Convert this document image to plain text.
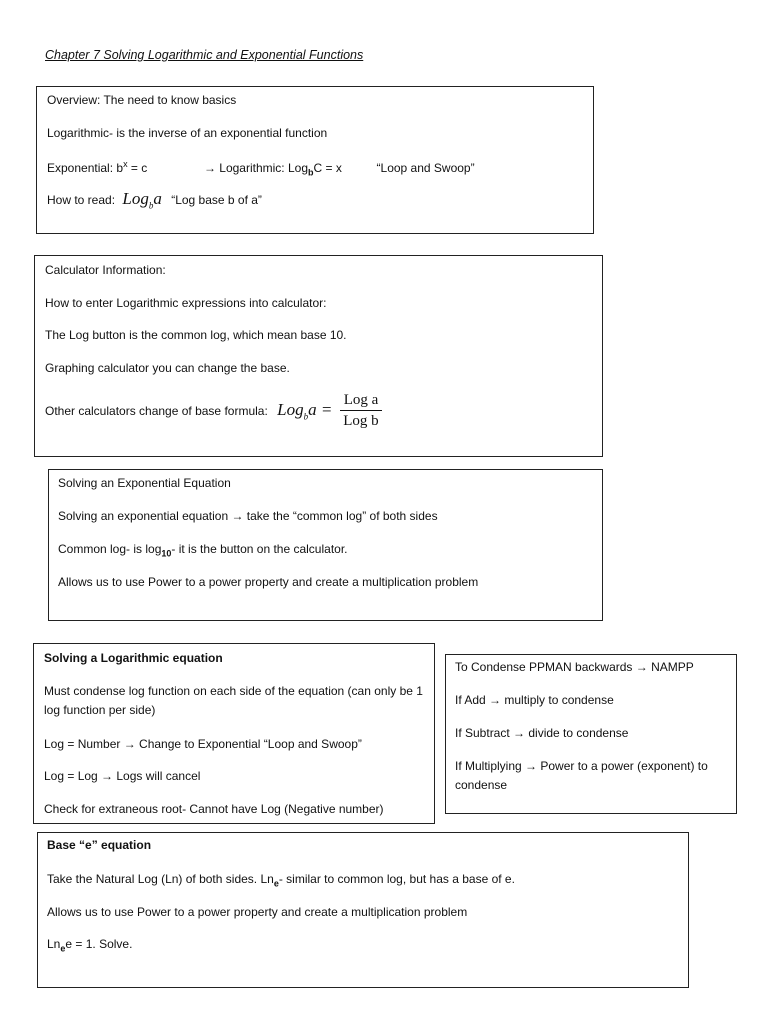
Chapter 7 Solving Logarithmic and Exponential Functions
Overview: The need to know basics
Logarithmic- is the inverse of an exponential function
Exponential: $b^x = c$	→ Logarithmic: Log$_b$C = x	“Loop and Swoop”
How to read: Log$_b$a “Log base b of a”
Calculator Information:
How to enter Logarithmic expressions into calculator:
The Log button is the common log, which mean base 10.
Graphing calculator you can change the base.
Other calculators change of base formula: $Log_ba = \frac{\text{Log a}}{\text{Log b}}$
Solving an Exponential Equation
Solving an exponential equation → take the “common log” of both sides
Common log- is $\log_{10}-$ it is the button on the calculator.
Allows us to use Power to a power property and create a multiplication problem
Solving a Logarithmic equation
Must condense log function on each side of the equation (can only be 1 log function per side)
Log = Number → Change to Exponential “Loop and Swoop”
Log = Log → Logs will cancel
Check for extraneous root- Cannot have Log (Negative number)
To Condense PPMAN backwards → NAMPP
If Add → multiply to condense
If Subtract → divide to condense
If Multiplying → Power to a power (exponent) to condense
Base “e” equation
Take the Natural Log (Ln) of both sides. $Ln_e-$ similar to common log, but has a base of e.
Allows us to use Power to a power property and create a multiplication problem
$Ln_ee = 1$. Solve.
